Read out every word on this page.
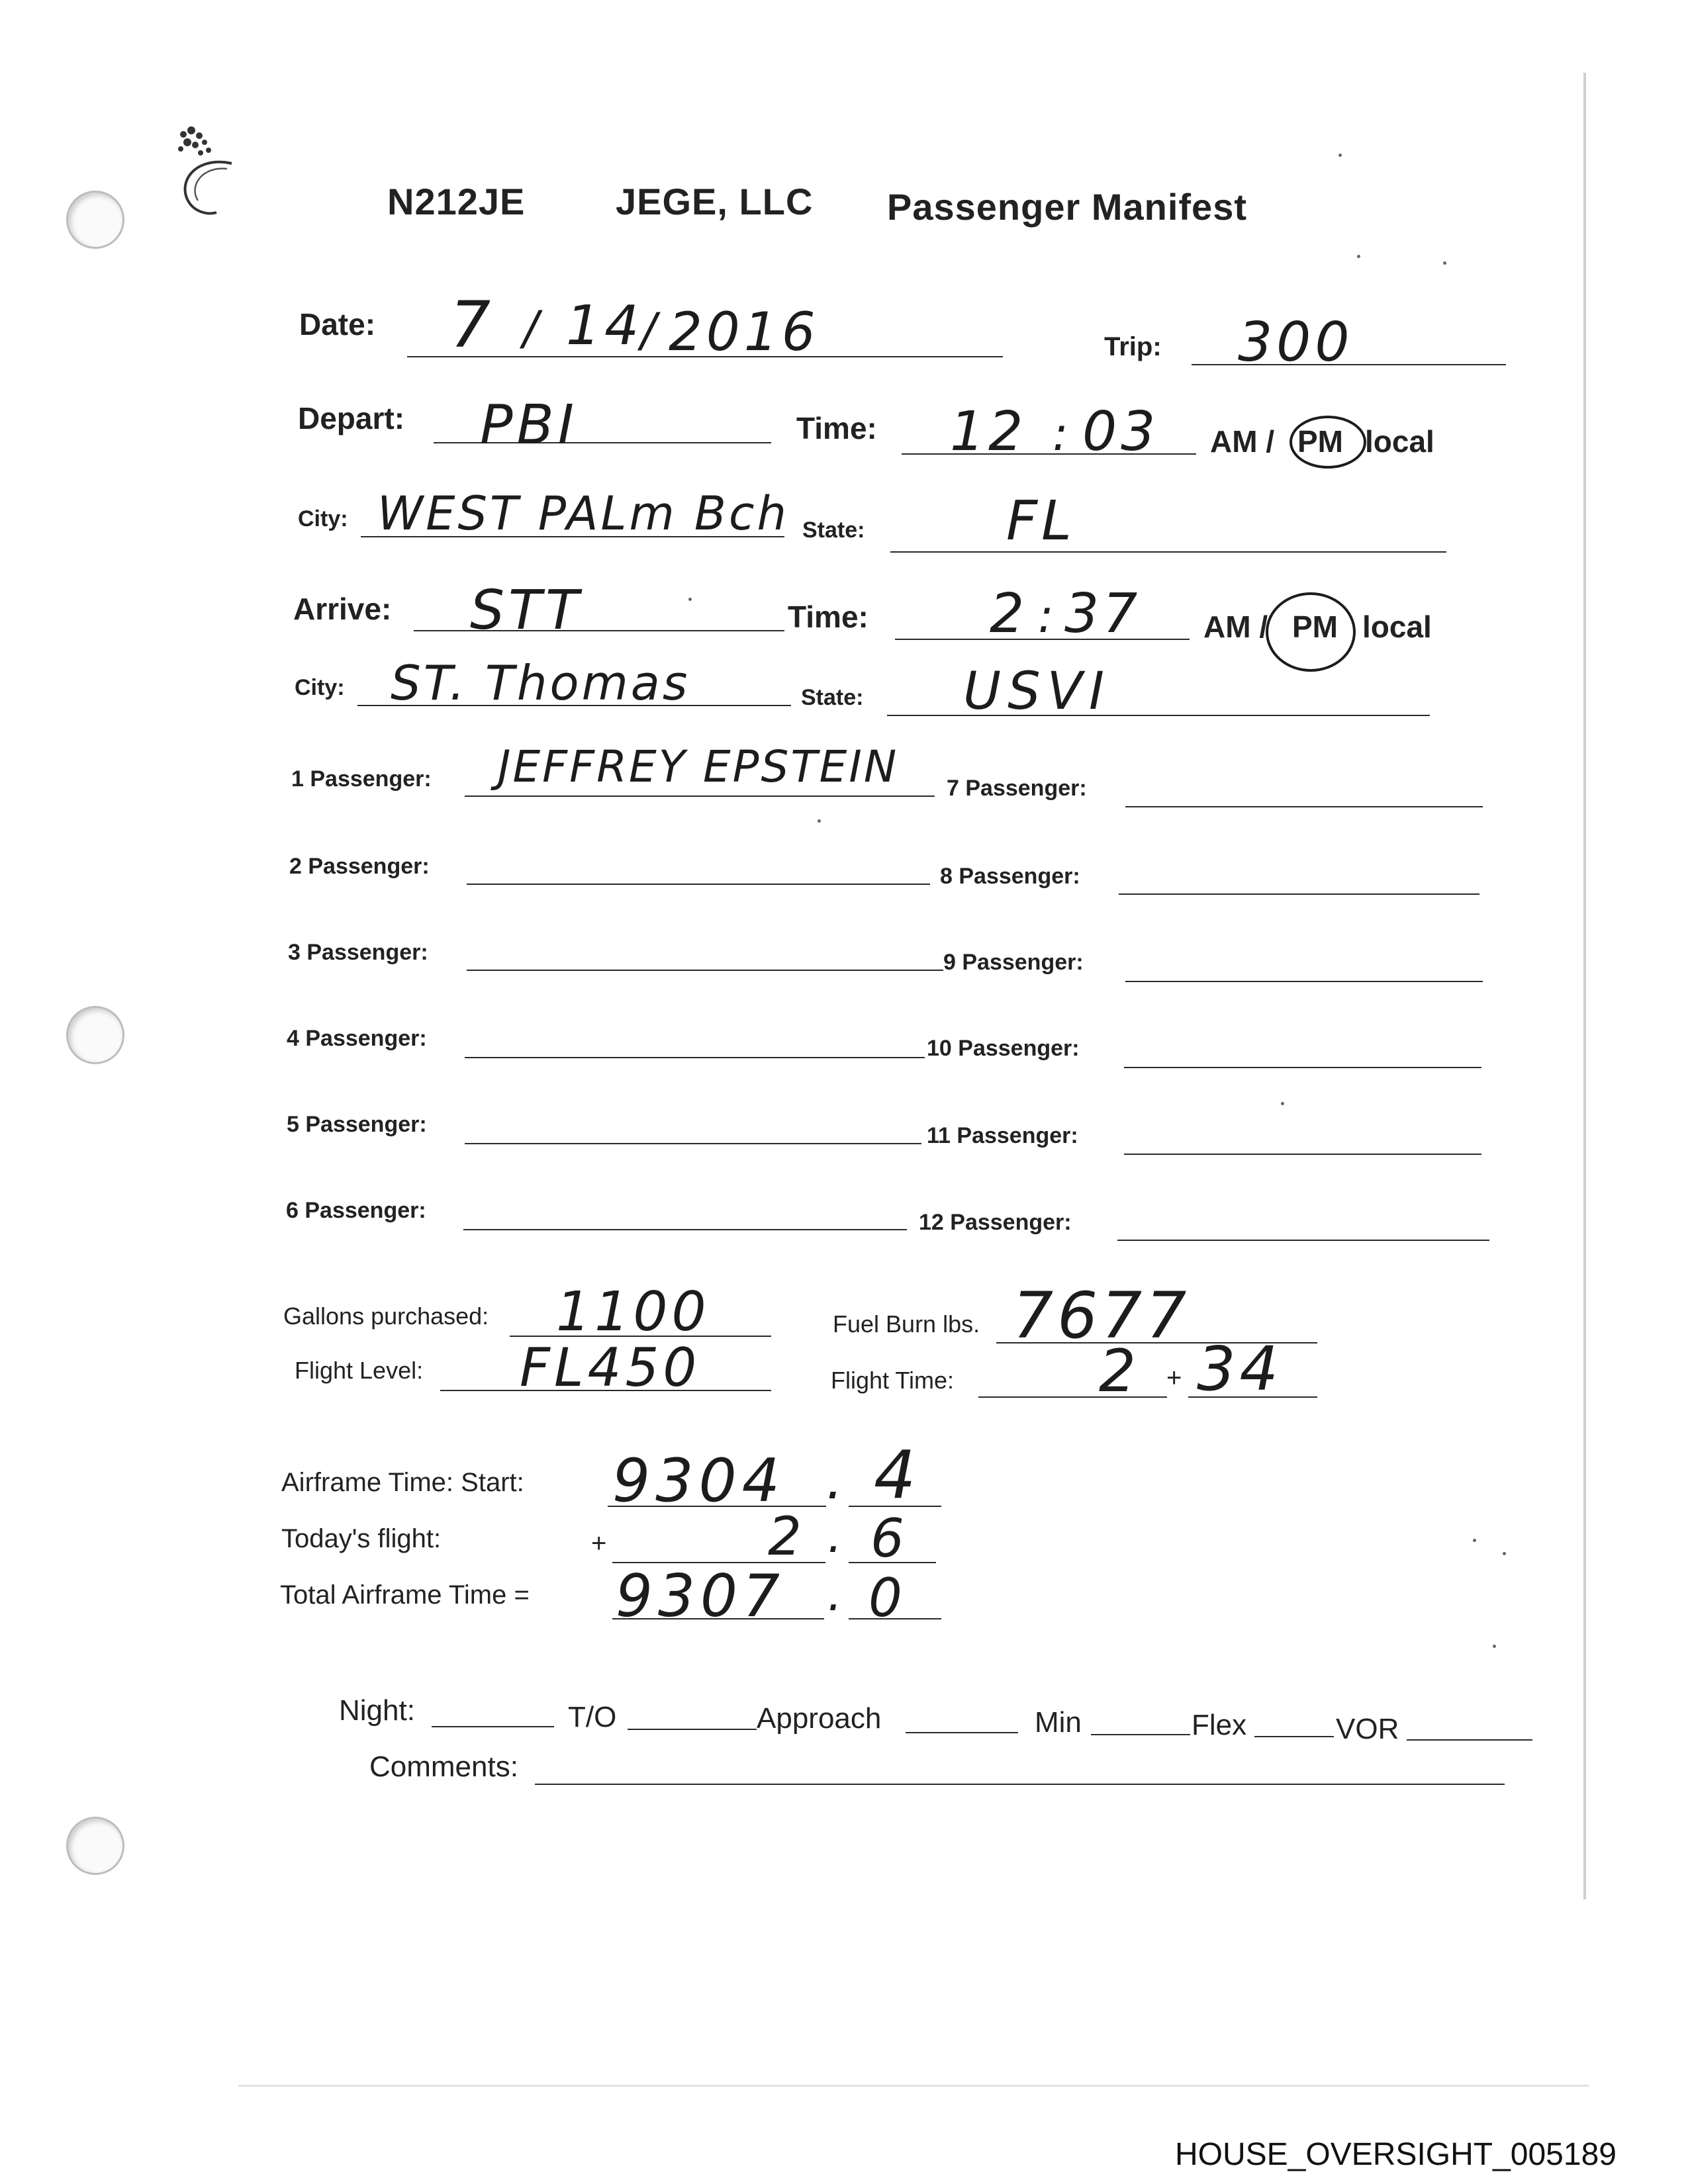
N212JE JEGE, LLC Passenger Manifest
Date: 7 / 14
/ 2016	Trip: 300
Depart: PBI	Time: 12 : 03 AM / PM local
City: WEST PALm Bch State:	FL
Arrive: STT	Time: 2 : 37 AM / PM local
City: ST. Thomas	State: USVI
1 Passenger: JEFFREY EPSTEIN
2 Passenger:
3 Passenger:
4 Passenger:
5 Passenger:
6 Passenger:
7 Passenger:
8 Passenger:
9 Passenger:
10 Passenger:
11 Passenger:
12 Passenger:
Gallons purchased: 1100	Fuel Burn lbs. 7677
Flight Level: FL450	Flight Time: 2 + 34
Airframe Time: Start: 9304 . 4
Today's flight:	+	2 . 6
Total Airframe Time = 9307 . 0
Night:	T/O	Approach	Min	Flex	VOR
Comments:
HOUSE_OVERSIGHT_005189
